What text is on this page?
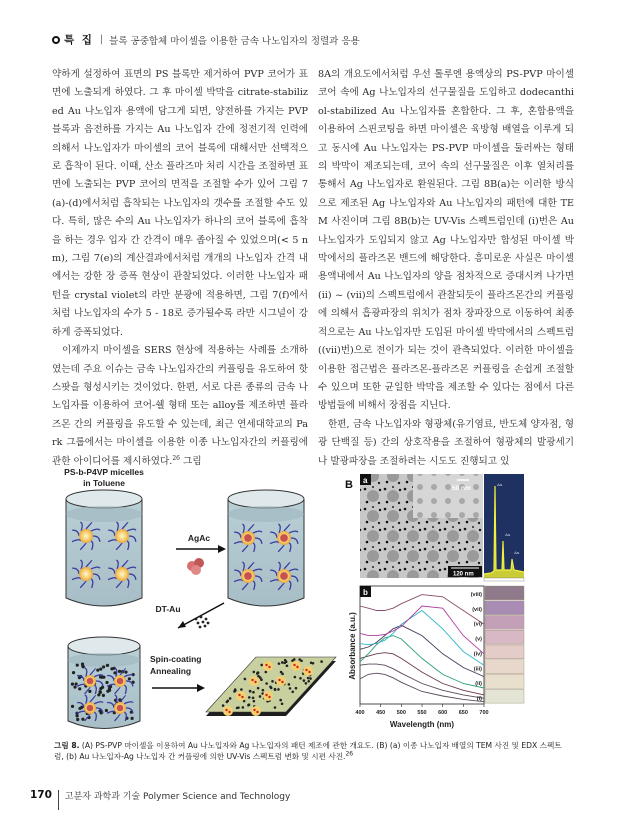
특 집 | 블록 공중합체 마이셀을 이용한 금속 나노입자의 정렬과 응용

약하게 설정하여 표면의 PS 블록만 제거하여 PVP 코어가 표면에 노출되게 하였다. 그 후 마이셀 박막을 citrate-stabilized Au 나노입자 용액에 담그게 되면, 양전하를 가지는 PVP 블록과 음전하를 가지는 Au 나노입자 간에 정전기적 인력에 의해서 나노입자가 마이셀의 코어 블록에 대해서만 선택적으로 흡착이 된다. 이때, 산소 플라즈마 처리 시간을 조절하면 표면에 노출되는 PVP 코어의 면적을 조절할 수가 있어 그림 7(a)-(d)에서처럼 흡착되는 나노입자의 갯수를 조절할 수도 있다. 특히, 많은 수의 Au 나노입자가 하나의 코어 블록에 흡착을 하는 경우 입자 간 간격이 매우 좁아질 수 있었으며(< 5 nm), 그림 7(e)의 계산결과에서처럼 개개의 나노입자 간격 내에서는 강한 장 증폭 현상이 관찰되었다. 이러한 나노입자 패턴을 crystal violet의 라만 분광에 적용하면, 그림 7(f)에서처럼 나노입자의 수가 5 - 18로 증가될수록 라만 시그널이 강하게 증폭되었다.

이제까지 마이셀을 SERS 현상에 적용하는 사례를 소개하였는데 주요 이슈는 금속 나노입자간의 커플링을 유도하여 핫 스팟을 형성시키는 것이었다. 한편, 서로 다른 종류의 금속 나노입자를 이용하여 코어-쉘 형태 또는 alloy를 제조하면 플라즈몬 간의 커플링을 유도할 수 있는데, 최근 연세대학교의 Park 그룹에서는 마이셀을 이용한 이종 나노입자간의 커플링에 관한 아이디어를 제시하였다.$^{26}$ 그림

8A의 개요도에서처럼 우선 톨루엔 용액상의 PS-PVP 마이셀 코어 속에 Ag 나노입자의 선구물질을 도입하고 dodecanthiol-stabilized Au 나노입자를 혼합한다. 그 후, 혼합용액을 이용하여 스핀코팅을 하면 마이셀은 육방형 배열을 이루게 되고 동시에 Au 나노입자는 PS-PVP 마이셀을 둘러싸는 형태의 박막이 제조되는데, 코어 속의 선구물질은 이후 열처리를 통해서 Ag 나노입자로 환원된다. 그림 8B(a)는 이러한 방식으로 제조된 Ag 나노입자와 Au 나노입자의 패턴에 대한 TEM 사진이며 그림 8B(b)는 UV-Vis 스펙트럼인데 (i)번은 Au 나노입자가 도입되지 않고 Ag 나노입자만 합성된 마이셀 박막에서의 플라즈몬 밴드에 해당한다. 흥미로운 사실은 마이셀 용액내에서 Au 나노입자의 양을 점차적으로 증대시켜 나가면 (ii) ~ (vii)의 스펙트럼에서 관찰되듯이 플라즈몬간의 커플링에 의해서 흡광파장의 위치가 점차 장파장으로 이동하여 최종적으로는 Au 나노입자만 도입된 마이셀 박막에서의 스펙트럼((vii)번)으로 전이가 되는 것이 관측되었다. 이러한 마이셀을 이용한 접근법은 플라즈몬-플라즈몬 커플링을 손쉽게 조절할 수 있으며 또한 균일한 박막을 제조할 수 있다는 점에서 다른 방법들에 비해서 장점을 지닌다.

한편, 금속 나노입자와 형광체(유기염료, 반도체 양자점, 형광 단백질 등) 간의 상호작용을 조절하여 형광체의 발광세기나 발광파장을 조절하려는 시도도 진행되고 있

PS-b-P4VP micelles
in Toluene
AgAc
DT-Au
Spin-coating
Annealing
B a
50 nm
120 nm
Au
Au
Au
b	(viii)
(vii)
(vi)
(v)
(iv)
(iii)
(ii)
(i)
400 450 500 550 600 650 700
Wavelength (nm)
Absorbance (a.u.)
그림 8. (A) PS-PVP 마이셀을 이용하여 Au 나노입자와 Ag 나노입자의 패턴 제조에 관한 개요도. (B) (a) 이종 나노입자 배열의 TEM 사진 및 EDX 스펙트럼, (b) Au 나노입자-Ag 나노입자 간 커플링에 의한 UV-Vis 스펙트럼 변화 및 시편 사진.$^{26}$
170 고분자 과학과 기술 Polymer Science and Technology
